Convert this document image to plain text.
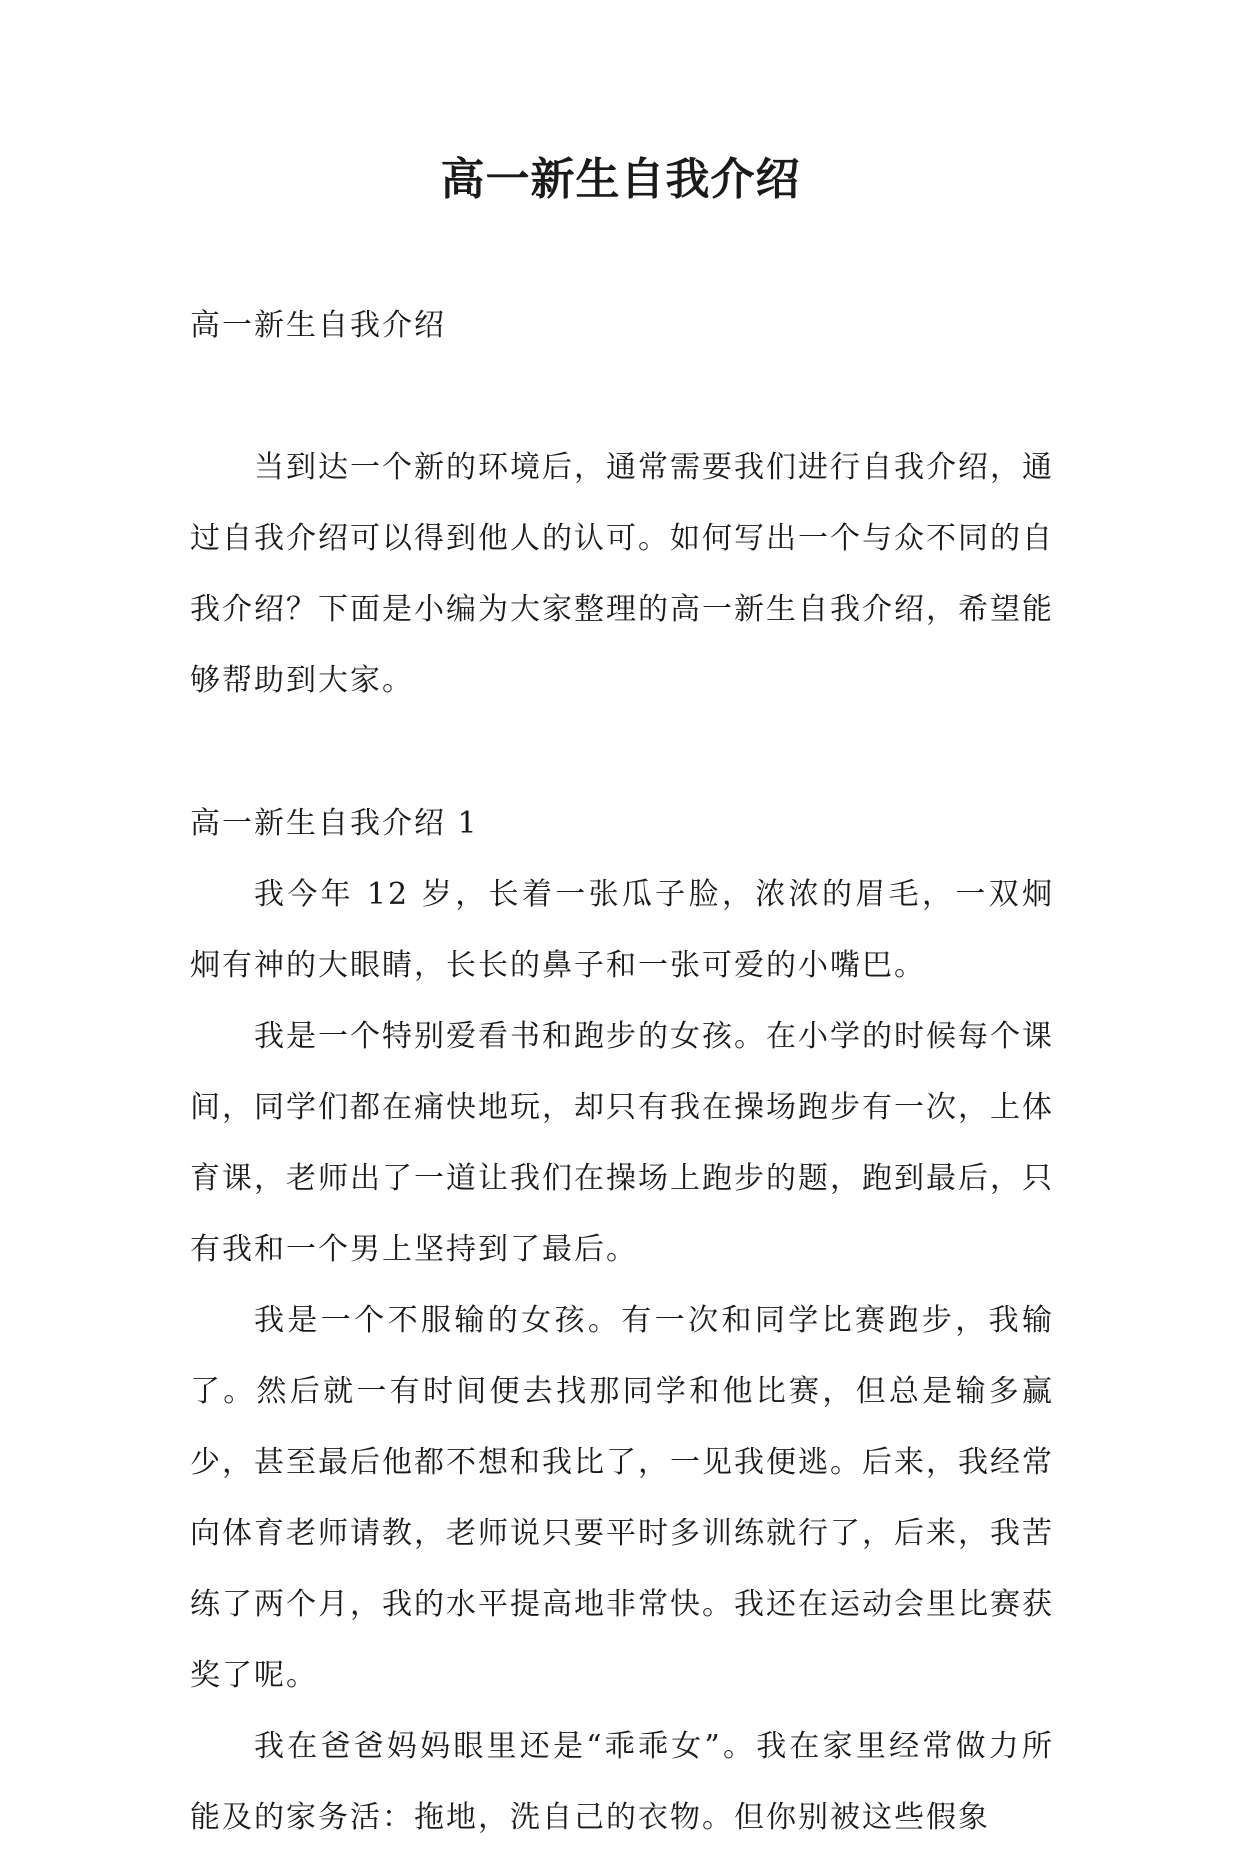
高一新生自我介绍

高一新生自我介绍

当到达一个新的环境后，通常需要我们进行自我介绍，通过自我介绍可以得到他人的认可。如何写出一个与众不同的自我介绍？下面是小编为大家整理的高一新生自我介绍，希望能够帮助到大家。

高一新生自我介绍 1

我今年 12 岁，长着一张瓜子脸，浓浓的眉毛，一双炯炯有神的大眼睛，长长的鼻子和一张可爱的小嘴巴。

我是一个特别爱看书和跑步的女孩。在小学的时候每个课间，同学们都在痛快地玩，却只有我在操场跑步有一次，上体育课，老师出了一道让我们在操场上跑步的题，跑到最后，只有我和一个男上坚持到了最后。

我是一个不服输的女孩。有一次和同学比赛跑步，我输了。然后就一有时间便去找那同学和他比赛，但总是输多赢少，甚至最后他都不想和我比了，一见我便逃。后来，我经常向体育老师请教，老师说只要平时多训练就行了，后来，我苦练了两个月，我的水平提高地非常快。我还在运动会里比赛获奖了呢。

我在爸爸妈妈眼里还是“乖乖女”。我在家里经常做力所能及的家务活：拖地，洗自己的衣物。但你别被这些假象
